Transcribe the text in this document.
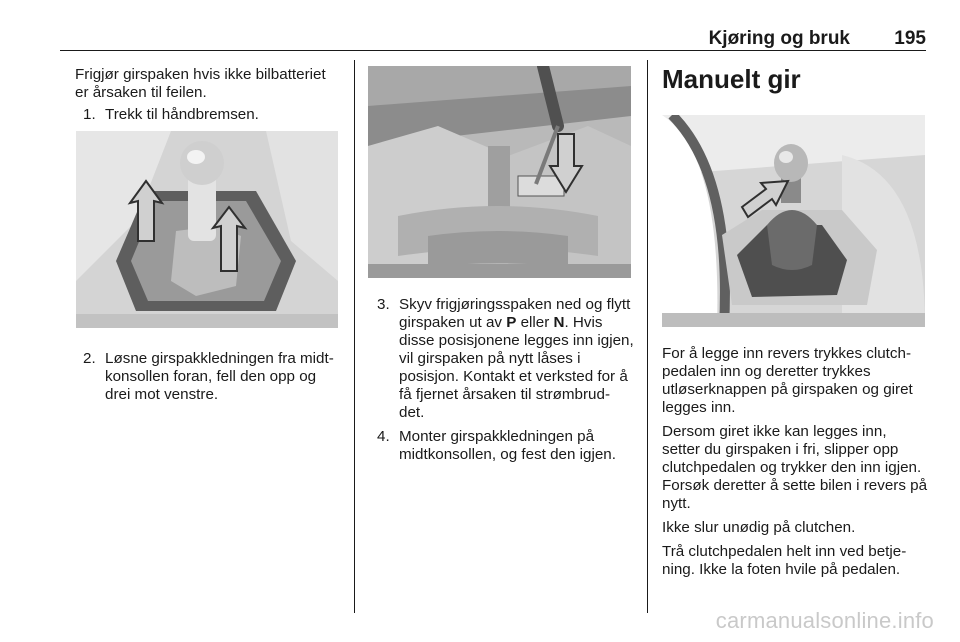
Kjøring og bruk 195

Frigjør girspaken hvis ikke bilbatteriet er årsaken til feilen.

1. Trekk til håndbremsen.
2. Løsne girspakkledningen fra midt-konsollen foran, fell den opp og drei mot venstre.
3. Skyv frigjøringsspaken ned og flytt girspaken ut av P eller N. Hvis disse posisjonene legges inn igjen, vil girspaken på nytt låses i posisjon. Kontakt et verksted for å få fjernet årsaken til strømbrud-det.
4. Monter girspakkledningen på midtkonsollen, og fest den igjen.
Manuelt gir

For å legge inn revers trykkes clutch-pedalen inn og deretter trykkes utløserknappen på girspaken og giret legges inn.

Dersom giret ikke kan legges inn, setter du girspaken i fri, slipper opp clutchpedalen og trykker den inn igjen. Forsøk deretter å sette bilen i revers på nytt.

Ikke slur unødig på clutchen.

Trå clutchpedalen helt inn ved betje-ning. Ikke la foten hvile på pedalen.

carmanualsonline.info
